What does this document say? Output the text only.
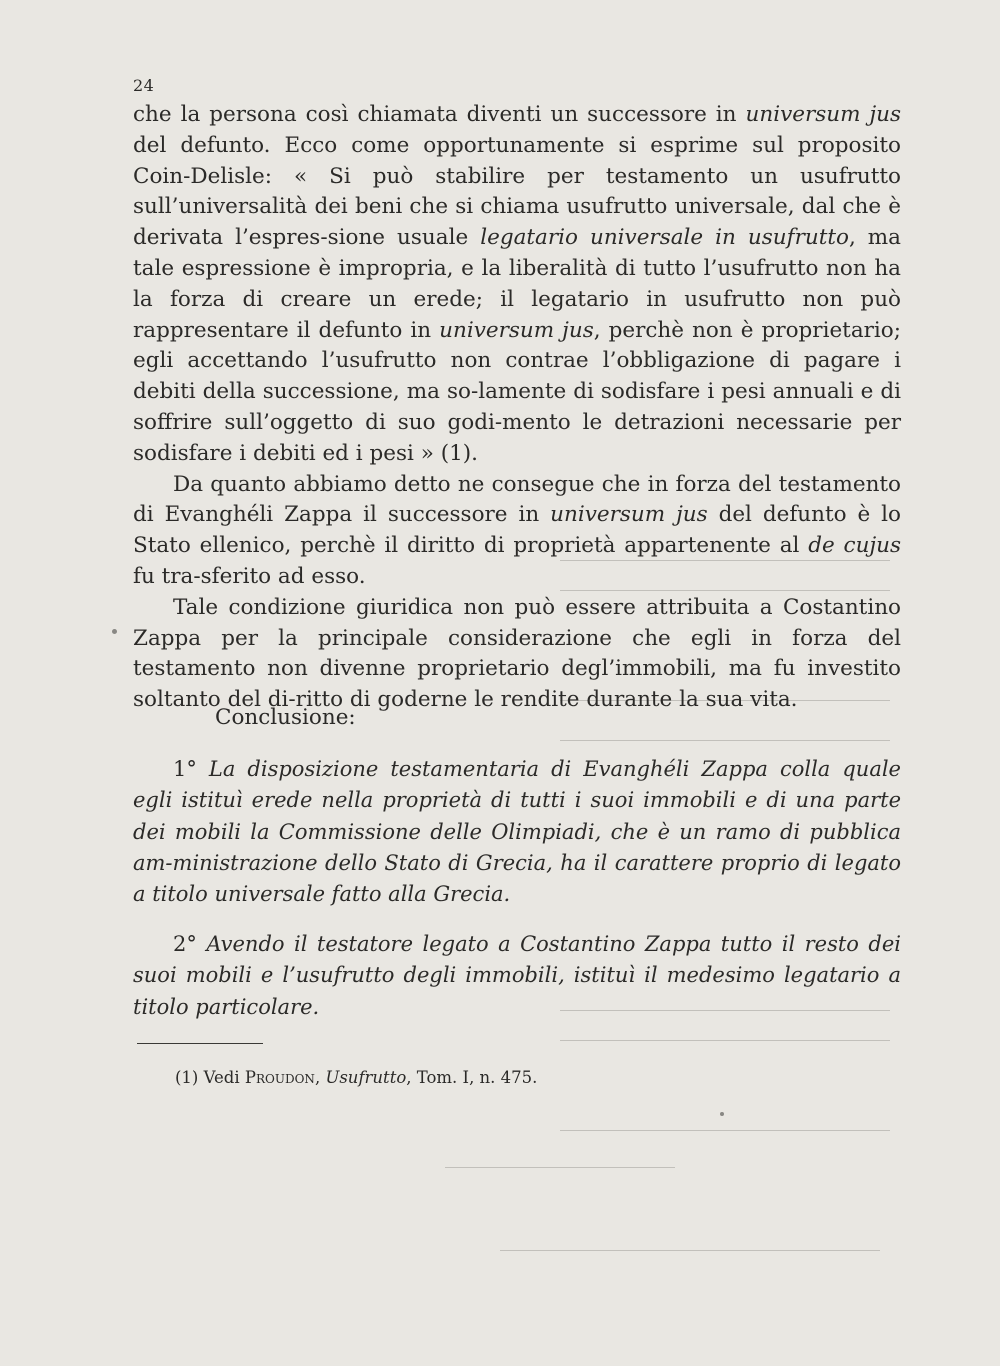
24

che la persona così chiamata diventi un successore in universum jus del defunto. Ecco come opportunamente si esprime sul proposito Coin-Delisle: « Si può stabilire per testamento un usufrutto sull’universalità dei beni che si chiama usufrutto universale, dal che è derivata l’espres-sione usuale legatario universale in usufrutto, ma tale espressione è impropria, e la liberalità di tutto l’usufrutto non ha la forza di creare un erede; il legatario in usufrutto non può rappresentare il defunto in universum jus, perchè non è proprietario; egli accettando l’usufrutto non contrae l’obbligazione di pagare i debiti della successione, ma so-lamente di sodisfare i pesi annuali e di soffrire sull’oggetto di suo godi-mento le detrazioni necessarie per sodisfare i debiti ed i pesi » (1).

Da quanto abbiamo detto ne consegue che in forza del testamento di Evanghéli Zappa il successore in universum jus del defunto è lo Stato ellenico, perchè il diritto di proprietà appartenente al de cujus fu tra-sferito ad esso.

Tale condizione giuridica non può essere attribuita a Costantino Zappa per la principale considerazione che egli in forza del testamento non divenne proprietario degl’immobili, ma fu investito soltanto del di-ritto di goderne le rendite durante la sua vita.

Conclusione:

1° La disposizione testamentaria di Evanghéli Zappa colla quale egli istituì erede nella proprietà di tutti i suoi immobili e di una parte dei mobili la Commissione delle Olimpiadi, che è un ramo di pubblica am-ministrazione dello Stato di Grecia, ha il carattere proprio di legato a titolo universale fatto alla Grecia.

2° Avendo il testatore legato a Costantino Zappa tutto il resto dei suoi mobili e l’usufrutto degli immobili, istituì il medesimo legatario a titolo particolare.

(1) Vedi Proudon, Usufrutto, Tom. I, n. 475.
